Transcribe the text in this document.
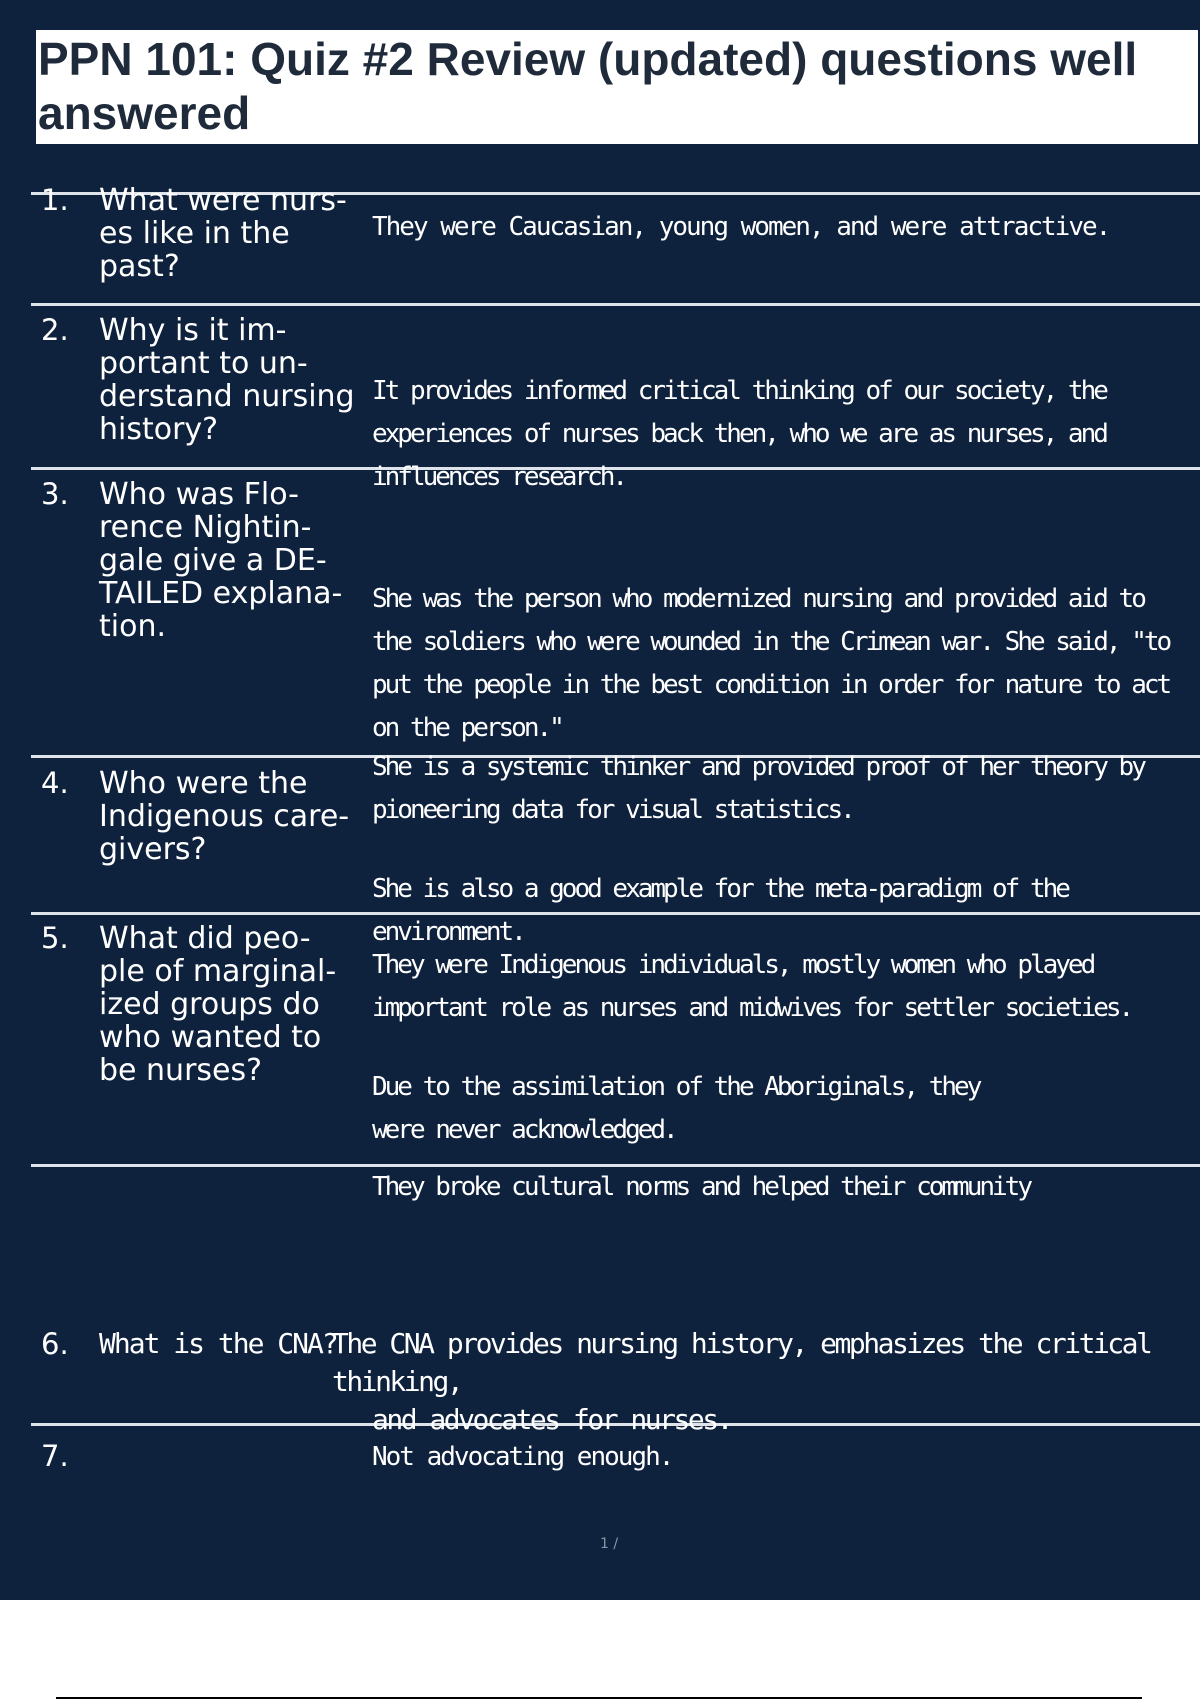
PPN 101: Quiz #2 Review (updated) questions well answered
1. What were nurs- es like in the past?

They were Caucasian, young women, and were attractive.

2. Why is it im- portant to un- derstand nursing history?

It provides informed critical thinking of our society, the experiences of nurses back then, who we are as nurses, and influences research.

3. Who was Flo- rence Nightin- gale give a DE- TAILED explana- tion.

She was the person who modernized nursing and provided aid to the soldiers who were wounded in the Crimean war. She said, "to put the people in the best condition in order for nature to act on the person."

She is a systemic thinker and provided proof of her theory by pioneering data for visual statistics.

She is also a good example for the meta-paradigm of the environment.

4. Who were the Indigenous care- givers?
5. What did peo- ple of marginal- ized groups do who wanted to be nurses?

They were Indigenous individuals, mostly women who played important role as nurses and midwives for settler societies.

Due to the assimilation of the Aboriginals, they were never acknowledged.

They broke cultural norms and helped their community

6. What is the CNA?
The CNA provides nursing history, emphasizes the critical thinking,
and advocates for nurses.
7.	Not advocating enough.

1 /
